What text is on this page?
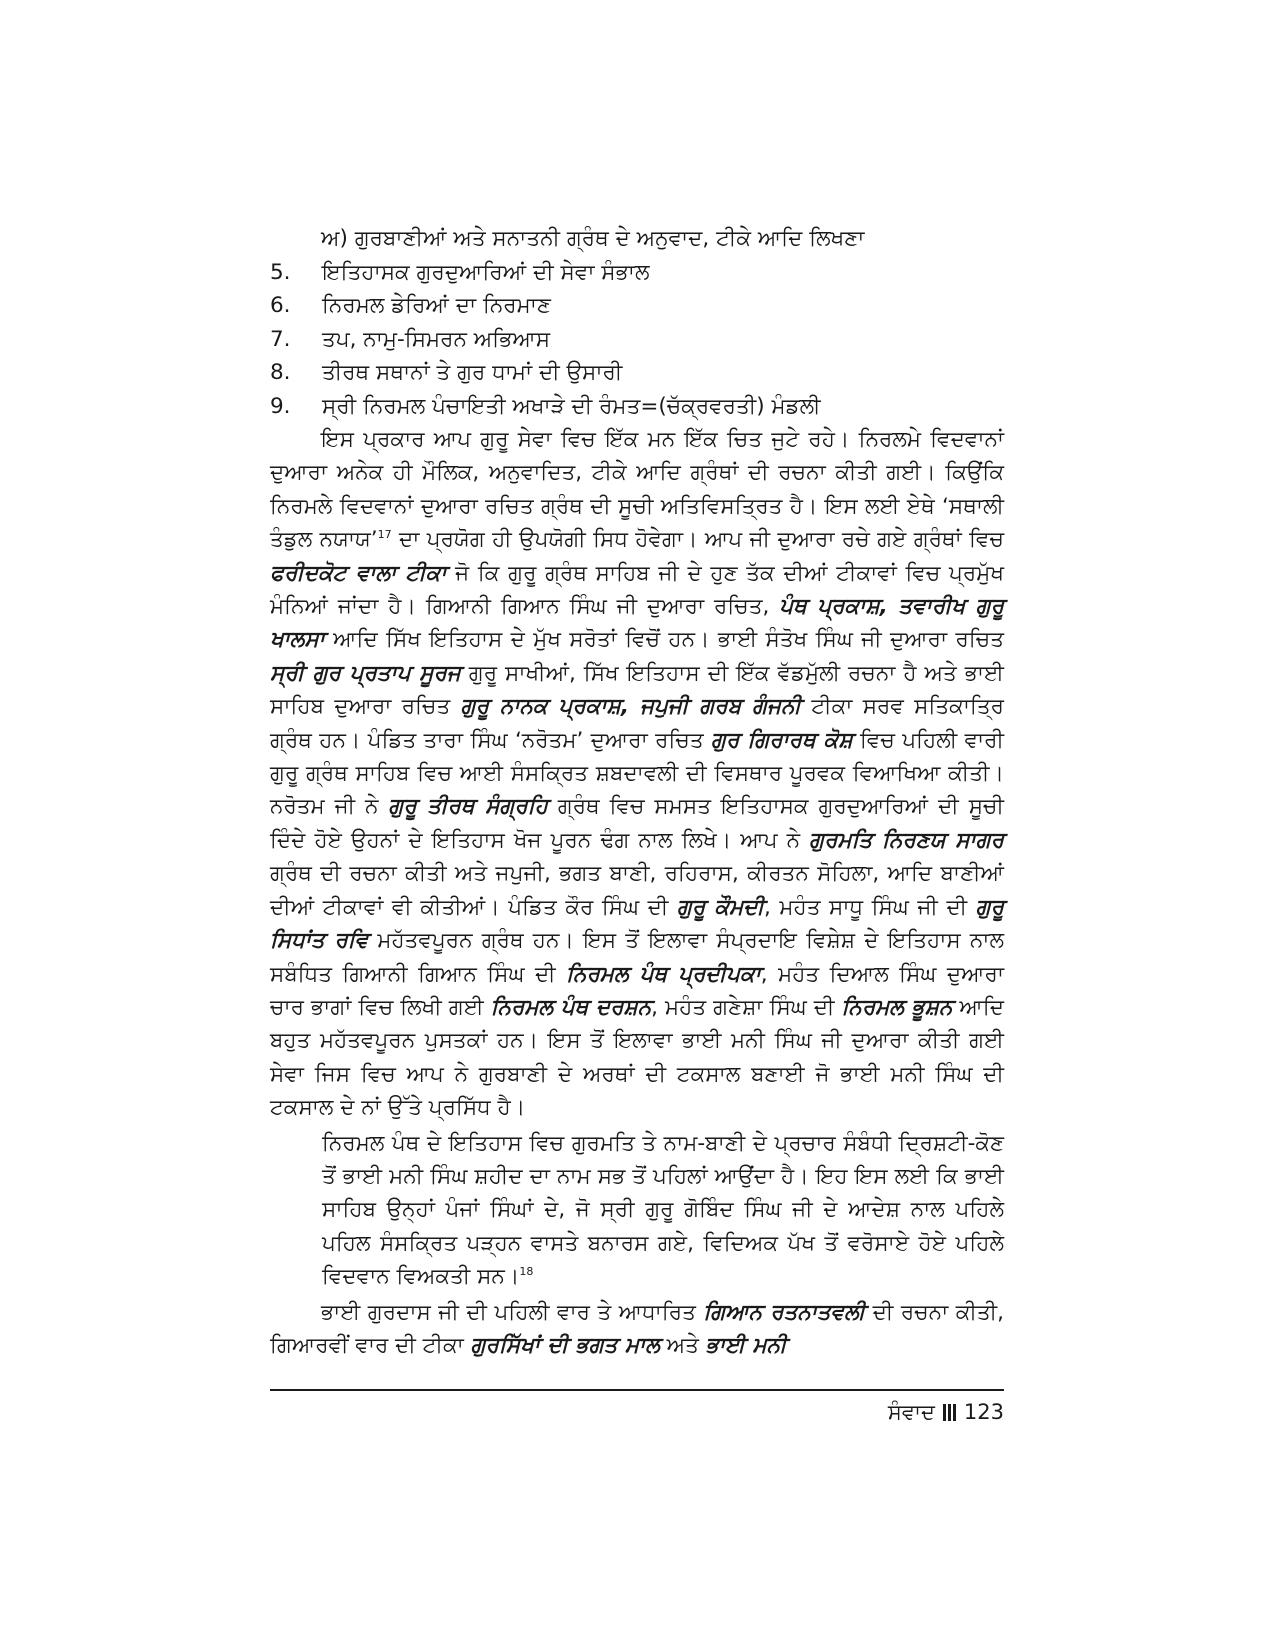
ਅ) ਗੁਰਬਾਣੀਆਂ ਅਤੇ ਸਨਾਤਨੀ ਗ੍ਰੰਥ ਦੇ ਅਨੁਵਾਦ, ਟੀਕੇ ਆਦਿ ਲਿਖਣਾ
5.	ਇਤਿਹਾਸਕ ਗੁਰਦੁਆਰਿਆਂ ਦੀ ਸੇਵਾ ਸੰਭਾਲ
6.	ਨਿਰਮਲ ਡੇਰਿਆਂ ਦਾ ਨਿਰਮਾਣ
7.	ਤਪ, ਨਾਮੁ-ਸਿਮਰਨ ਅਭਿਆਸ
8.	ਤੀਰਥ ਸਥਾਨਾਂ ਤੇ ਗੁਰ ਧਾਮਾਂ ਦੀ ਉਸਾਰੀ
9.	ਸ੍ਰੀ ਨਿਰਮਲ ਪੰਚਾਇਤੀ ਅਖਾੜੇ ਦੀ ਰੰਮਤ=(ਚੱਕ੍ਰਵਰਤੀ) ਮੰਡਲੀ

ਇਸ ਪ੍ਰਕਾਰ ਆਪ ਗੁਰੂ ਸੇਵਾ ਵਿਚ ਇੱਕ ਮਨ ਇੱਕ ਚਿਤ ਜੁਟੇ ਰਹੇ। ਨਿਰਲਮੇ ਵਿਦਵਾਨਾਂ ਦੁਆਰਾ ਅਨੇਕ ਹੀ ਮੌਲਿਕ, ਅਨੁਵਾਦਿਤ, ਟੀਕੇ ਆਦਿ ਗ੍ਰੰਥਾਂ ਦੀ ਰਚਨਾ ਕੀਤੀ ਗਈ। ਕਿਉਂਕਿ ਨਿਰਮਲੇ ਵਿਦਵਾਨਾਂ ਦੁਆਰਾ ਰਚਿਤ ਗ੍ਰੰਥ ਦੀ ਸੂਚੀ ਅਤਿਵਿਸਤ੍ਰਿਤ ਹੈ। ਇਸ ਲਈ ਏਥੇ ‘ਸਥਾਲੀ ਤੰਡੁਲ ਨਯਾਯ’$^{17}$ ਦਾ ਪ੍ਰਯੋਗ ਹੀ ਉਪਯੋਗੀ ਸਿਧ ਹੋਵੇਗਾ। ਆਪ ਜੀ ਦੁਆਰਾ ਰਚੇ ਗਏ ਗ੍ਰੰਥਾਂ ਵਿਚ ਫਰੀਦਕੋਟ ਵਾਲਾ ਟੀਕਾ ਜੋ ਕਿ ਗੁਰੂ ਗ੍ਰੰਥ ਸਾਹਿਬ ਜੀ ਦੇ ਹੁਣ ਤੱਕ ਦੀਆਂ ਟੀਕਾਵਾਂ ਵਿਚ ਪ੍ਰਮੁੱਖ ਮੰਨਿਆਂ ਜਾਂਦਾ ਹੈ। ਗਿਆਨੀ ਗਿਆਨ ਸਿੰਘ ਜੀ ਦੁਆਰਾ ਰਚਿਤ, ਪੰਥ ਪ੍ਰਕਾਸ਼, ਤਵਾਰੀਖ ਗੁਰੂ ਖਾਲਸਾ ਆਦਿ ਸਿੱਖ ਇਤਿਹਾਸ ਦੇ ਮੁੱਖ ਸਰੋਤਾਂ ਵਿਚੋਂ ਹਨ। ਭਾਈ ਸੰਤੋਖ ਸਿੰਘ ਜੀ ਦੁਆਰਾ ਰਚਿਤ ਸ੍ਰੀ ਗੁਰ ਪ੍ਰਤਾਪ ਸੂਰਜ ਗੁਰੂ ਸਾਖੀਆਂ, ਸਿੱਖ ਇਤਿਹਾਸ ਦੀ ਇੱਕ ਵੱਡਮੁੱਲੀ ਰਚਨਾ ਹੈ ਅਤੇ ਭਾਈ ਸਾਹਿਬ ਦੁਆਰਾ ਰਚਿਤ ਗੁਰੂ ਨਾਨਕ ਪ੍ਰਕਾਸ਼, ਜਪੁਜੀ ਗਰਬ ਗੰਜਨੀ ਟੀਕਾ ਸਰਵ ਸਤਿਕਾਤ੍ਰਿ ਗ੍ਰੰਥ ਹਨ। ਪੰਡਿਤ ਤਾਰਾ ਸਿੰਘ ‘ਨਰੋਤਮ’ ਦੁਆਰਾ ਰਚਿਤ ਗੁਰ ਗਿਰਾਰਥ ਕੋਸ਼ ਵਿਚ ਪਹਿਲੀ ਵਾਰੀ ਗੁਰੂ ਗ੍ਰੰਥ ਸਾਹਿਬ ਵਿਚ ਆਈ ਸੰਸਕ੍ਰਿਤ ਸ਼ਬਦਾਵਲੀ ਦੀ ਵਿਸਥਾਰ ਪੂਰਵਕ ਵਿਆਖਿਆ ਕੀਤੀ। ਨਰੋਤਮ ਜੀ ਨੇ ਗੁਰੂ ਤੀਰਥ ਸੰਗ੍ਰਹਿ ਗ੍ਰੰਥ ਵਿਚ ਸਮਸਤ ਇਤਿਹਾਸਕ ਗੁਰਦੁਆਰਿਆਂ ਦੀ ਸੂਚੀ ਦਿੰਦੇ ਹੋਏ ਉਹਨਾਂ ਦੇ ਇਤਿਹਾਸ ਖੋਜ ਪੂਰਨ ਢੰਗ ਨਾਲ ਲਿਖੇ। ਆਪ ਨੇ ਗੁਰਮਤਿ ਨਿਰਣਯ ਸਾਗਰ ਗ੍ਰੰਥ ਦੀ ਰਚਨਾ ਕੀਤੀ ਅਤੇ ਜਪੁਜੀ, ਭਗਤ ਬਾਣੀ, ਰਹਿਰਾਸ, ਕੀਰਤਨ ਸੋਹਿਲਾ, ਆਦਿ ਬਾਣੀਆਂ ਦੀਆਂ ਟੀਕਾਵਾਂ ਵੀ ਕੀਤੀਆਂ। ਪੰਡਿਤ ਕੌਰ ਸਿੰਘ ਦੀ ਗੁਰੂ ਕੌਮਦੀ, ਮਹੰਤ ਸਾਧੂ ਸਿੰਘ ਜੀ ਦੀ ਗੁਰੂ ਸਿਧਾਂਤ ਰਵਿ ਮਹੱਤਵਪੂਰਨ ਗ੍ਰੰਥ ਹਨ। ਇਸ ਤੋਂ ਇਲਾਵਾ ਸੰਪ੍ਰਦਾਇ ਵਿਸ਼ੇਸ਼ ਦੇ ਇਤਿਹਾਸ ਨਾਲ ਸਬੰਧਿਤ ਗਿਆਨੀ ਗਿਆਨ ਸਿੰਘ ਦੀ ਨਿਰਮਲ ਪੰਥ ਪ੍ਰਦੀਪਕਾ, ਮਹੰਤ ਦਿਆਲ ਸਿੰਘ ਦੁਆਰਾ ਚਾਰ ਭਾਗਾਂ ਵਿਚ ਲਿਖੀ ਗਈ ਨਿਰਮਲ ਪੰਥ ਦਰਸ਼ਨ, ਮਹੰਤ ਗਣੇਸ਼ਾ ਸਿੰਘ ਦੀ ਨਿਰਮਲ ਭੂਸ਼ਨ ਆਦਿ ਬਹੁਤ ਮਹੱਤਵਪੂਰਨ ਪੁਸਤਕਾਂ ਹਨ। ਇਸ ਤੋਂ ਇਲਾਵਾ ਭਾਈ ਮਨੀ ਸਿੰਘ ਜੀ ਦੁਆਰਾ ਕੀਤੀ ਗਈ ਸੇਵਾ ਜਿਸ ਵਿਚ ਆਪ ਨੇ ਗੁਰਬਾਣੀ ਦੇ ਅਰਥਾਂ ਦੀ ਟਕਸਾਲ ਬਣਾਈ ਜੋ ਭਾਈ ਮਨੀ ਸਿੰਘ ਦੀ ਟਕਸਾਲ ਦੇ ਨਾਂ ਉੱਤੇ ਪ੍ਰਸਿੱਧ ਹੈ।

ਨਿਰਮਲ ਪੰਥ ਦੇ ਇਤਿਹਾਸ ਵਿਚ ਗੁਰਮਤਿ ਤੇ ਨਾਮ-ਬਾਣੀ ਦੇ ਪ੍ਰਚਾਰ ਸੰਬੰਧੀ ਦ੍ਰਿਸ਼ਟੀ-ਕੋਣ ਤੋਂ ਭਾਈ ਮਨੀ ਸਿੰਘ ਸ਼ਹੀਦ ਦਾ ਨਾਮ ਸਭ ਤੋਂ ਪਹਿਲਾਂ ਆਉਂਦਾ ਹੈ। ਇਹ ਇਸ ਲਈ ਕਿ ਭਾਈ ਸਾਹਿਬ ਉਨ੍ਹਾਂ ਪੰਜਾਂ ਸਿੰਘਾਂ ਦੇ, ਜੋ ਸ੍ਰੀ ਗੁਰੂ ਗੋਬਿੰਦ ਸਿੰਘ ਜੀ ਦੇ ਆਦੇਸ਼ ਨਾਲ ਪਹਿਲੇ ਪਹਿਲ ਸੰਸਕ੍ਰਿਤ ਪੜ੍ਹਨ ਵਾਸਤੇ ਬਨਾਰਸ ਗਏ, ਵਿਦਿਅਕ ਪੱਖ ਤੋਂ ਵਰੋਸਾਏ ਹੋਏ ਪਹਿਲੇ ਵਿਦਵਾਨ ਵਿਅਕਤੀ ਸਨ।$^{18}$

ਭਾਈ ਗੁਰਦਾਸ ਜੀ ਦੀ ਪਹਿਲੀ ਵਾਰ ਤੇ ਆਧਾਰਿਤ ਗਿਆਨ ਰਤਨਾਤਵਲੀ ਦੀ ਰਚਨਾ ਕੀਤੀ, ਗਿਆਰਵੀਂ ਵਾਰ ਦੀ ਟੀਕਾ ਗੁਰਸਿੱਖਾਂ ਦੀ ਭਗਤ ਮਾਲ ਅਤੇ ਭਾਈ ਮਨੀ

ਸੰਵਾਦ 123
